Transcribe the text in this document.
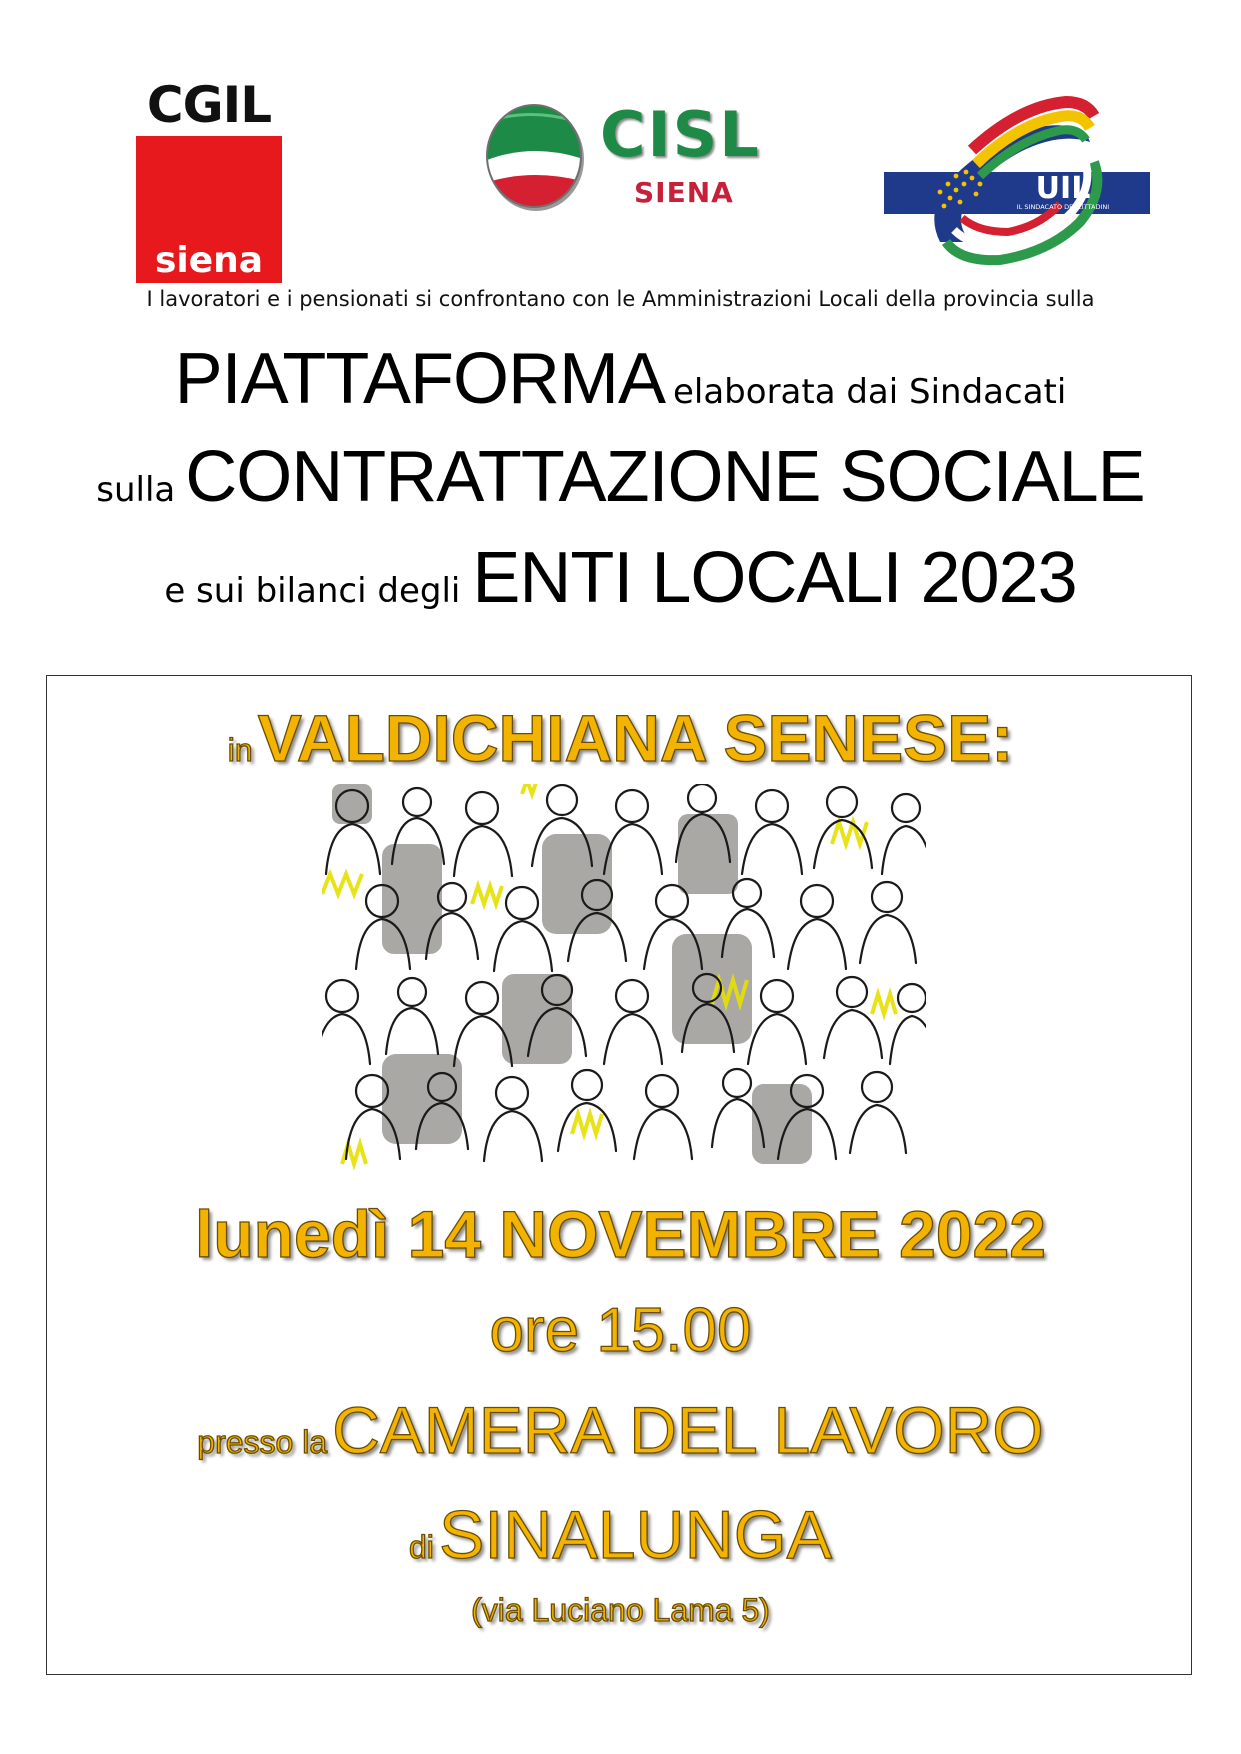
CGIL
siena
CISL
SIENA	UIL
IL SINDACATO DEI CITTADINI
I lavoratori e i pensionati si confrontano con le Amministrazioni Locali della provincia sulla
PIATTAFORMA elaborata dai Sindacati
sulla CONTRATTAZIONE SOCIALE
e sui bilanci degli ENTI LOCALI 2023
in VALDICHIANA SENESE:
lunedì 14 NOVEMBRE 2022
ore 15.00
presso la CAMERA DEL LAVORO
di SINALUNGA
(via Luciano Lama 5)
